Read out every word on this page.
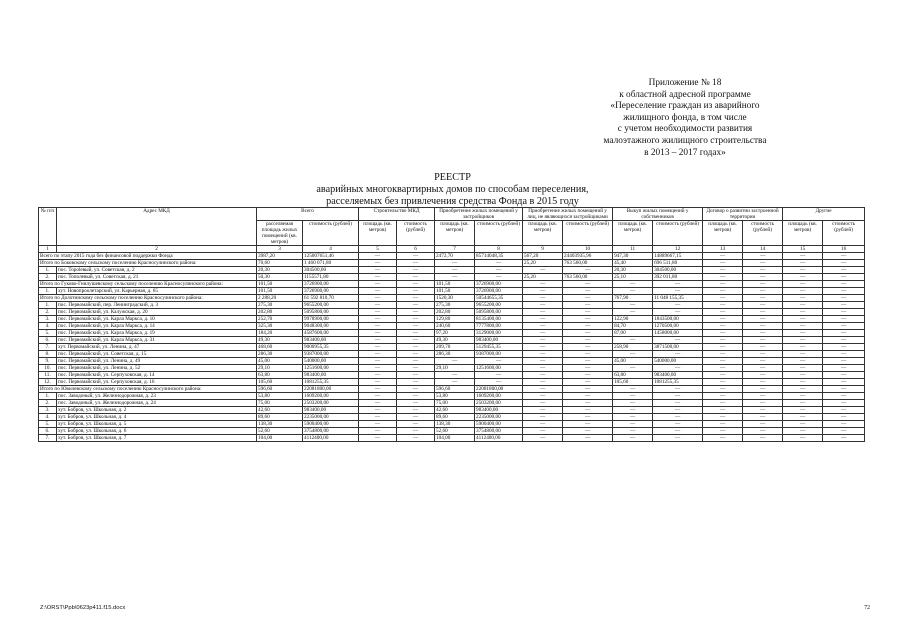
Приложение № 18
к областной адресной программе
«Переселение граждан из аварийного
жилищного фонда, в том числе
с учетом необходимости развития
малоэтажного жилищного строительства
в 2013 – 2017 годах»
РЕЕСТР
аварийных многоквартирных домов по способам переселения,
расселяемых без привлечения средства Фонда в 2015 году
№ п/п	Адрес МКД	Всего		Строительство МКД		Приобретение жилых помещений у застройщиков		Приобретение жилых помещений у лиц, не являющихся застройщиками		Выкуп жилых помещений у собственников		Договор о развитии застроенной территории		Другие	
		расселяемая площадь жилых помещений (кв. метров)	стоимость (рублей)	площадь (кв. метров)	стоимость (рублей)	площадь (кв. метров)	стоимость (рублей)	площадь (кв. метров)	стоимость (рублей)	площадь (кв. метров)	стоимость (рублей)	площадь (кв. метров)	стоимость (рублей)	площадь (кв. метров)	стоимость (рублей)
1	2	3	4	5	6	7	8	9	10	11	12	13	14	15	16
Всего по этапу 2015 года без финансовой поддержки Фонда		3987,20	125007651,46	—	—	2472,70	85714048,35	567,20	24403935,96	947,30	14889667,15	—	—	—	—
Итого по Боковскому сельскому поселению Красносулинского района:		70,60	1 460 071,80	—	—	—	—	25,20	763 560,00	45,40	696 511,80	—	—	—	—
1.	пос. Topolевый, ул. Советская, д. 2	20,30	304500,00	—	—	—	—	—	—	20,30	304500,00	—	—	—	—
2.	пос. Тополевый, ул. Советская, д. 21	50,30	1155571,80	—	—	—	—	25,20	763 560,00	25,10	392 011,80	—	—	—	—
Итого по Гуково-Гнилушевскому сельскому поселению Красносулинского района:		101,50	3726900,00	—	—	101,50	3726900,00	—	—	—	—	—	—	—	—
1.	хут. Новопроолетарский, ул. Карьерная, д. 65	101,50	3726900,00	—	—	101,50	3726900,00	—	—	—	—	—	—	—	—
Итого по Долотинскому сельскому поселению Красносулинского района:		2 288,20	61 592 810,70	—	—	1520,30	50544655,35	—	—	767,90	11 048 155,35	—	—	—	—
1.	пос. Первомайский, пер. Ленинградский, д. 3	275,30	9655200,00	—	—	275,30	9655200,00	—	—	—	—	—	—	—	—
2.	пос. Первомайский, ул. Калужская, д. 20	202,80	5095800,00	—	—	202,80	5095800,00	—	—	—	—	—	—	—	—
3.	пос. Первомайский, ул. Карла Маркса, д. 10	252,70	9978900,00	—	—	129,80	8135400,00	—	—	122,90	1843500,00	—	—	—	—
4.	пос. Первомайский, ул. Карла Маркса, д. 14	325,30	9048300,00	—	—	240,60	7777800,00	—	—	84,70	1270500,00	—	—	—	—
5.	пос. Первомайский, ул. Карла Маркса, д. 19	184,20	4587600,00	—	—	97,20	3129000,00	—	—	87,00	1458000,00	—	—	—	—
6.	пос. Первомайский, ул. Карла Маркса, д. 31	49,30	983400,00	—	—	49,30	983400,00	—	—	—	—	—	—	—	—
7.	хут. Первомайский, ул. Ленина, д. 47	468,60	9000955,35	—	—	209,70	5129455,35	—	—	258,90	3871500,00	—	—	—	—
8.	пос. Первомайский, ул. Советская, д. 15	286,30	9387000,00	—	—	286,30	9387000,00	—	—	—	—	—	—	—	—
9.	пос. Первомайский, ул. Ленина, д. 49	45,00	540000,00	—	—	—	—	—	—	45,00	540000,00	—	—	—	—
10.	пос. Первомайский, ул. Ленина, д. 52	29,10	1251600,00	—	—	29,10	1251600,00	—	—	—	—	—	—	—	—
11.	пос. Первомайский, ул. Серпуховская, д. 14	63,80	983400,00	—	—	—	—	—	—	63,80	983400,00	—	—	—	—
12.	пос. Первомайский, ул. Серпуховская, д. 16	105,60	1081255,35	—	—	—	—	—	—	105,60	1081255,35	—	—	—	—
Итого по Ювилевскому сельскому поселению Красносулинского района:		596,60	22081800,00	—	—	596,60	22081800,00	—	—	—	—	—	—	—	—
1.	пос. Заводоный, ул. Железнодорожная, д. 23	53,80	1609200,00	—	—	53,80	1609200,00	—	—	—	—	—	—	—	—
2.	пос. Заводоный, ул. Железнодорожная, д. 24	75,00	2503200,00	—	—	75,00	2503200,00	—	—	—	—	—	—	—	—
3.	хут. Бобров, ул. Школьная, д. 2	42,60	983400,00	—	—	42,60	983400,00	—	—	—	—	—	—	—	—
4.	хут. Бобров, ул. Школьная, д. 4	89,60	2235000,00	—	—	89,60	2235000,00	—	—	—	—	—	—	—	—
5.	хут. Бобров, ул. Школьная, д. 5	138,30	5900400,00	—	—	138,30	5900400,00	—	—	—	—	—	—	—	—
6.	хут. Бобров, ул. Школьная, д. 6	52,60	3754800,00	—	—	52,60	3754800,00	—	—	—	—	—	—	—	—
7.	хут. Бобров, ул. Школьная, д. 7	104,00	4112400,00	—	—	104,00	4112400,00	—	—	—	—	—	—	—	—
Z:\ORST\Ppb\0623p411.f15.docx	72
